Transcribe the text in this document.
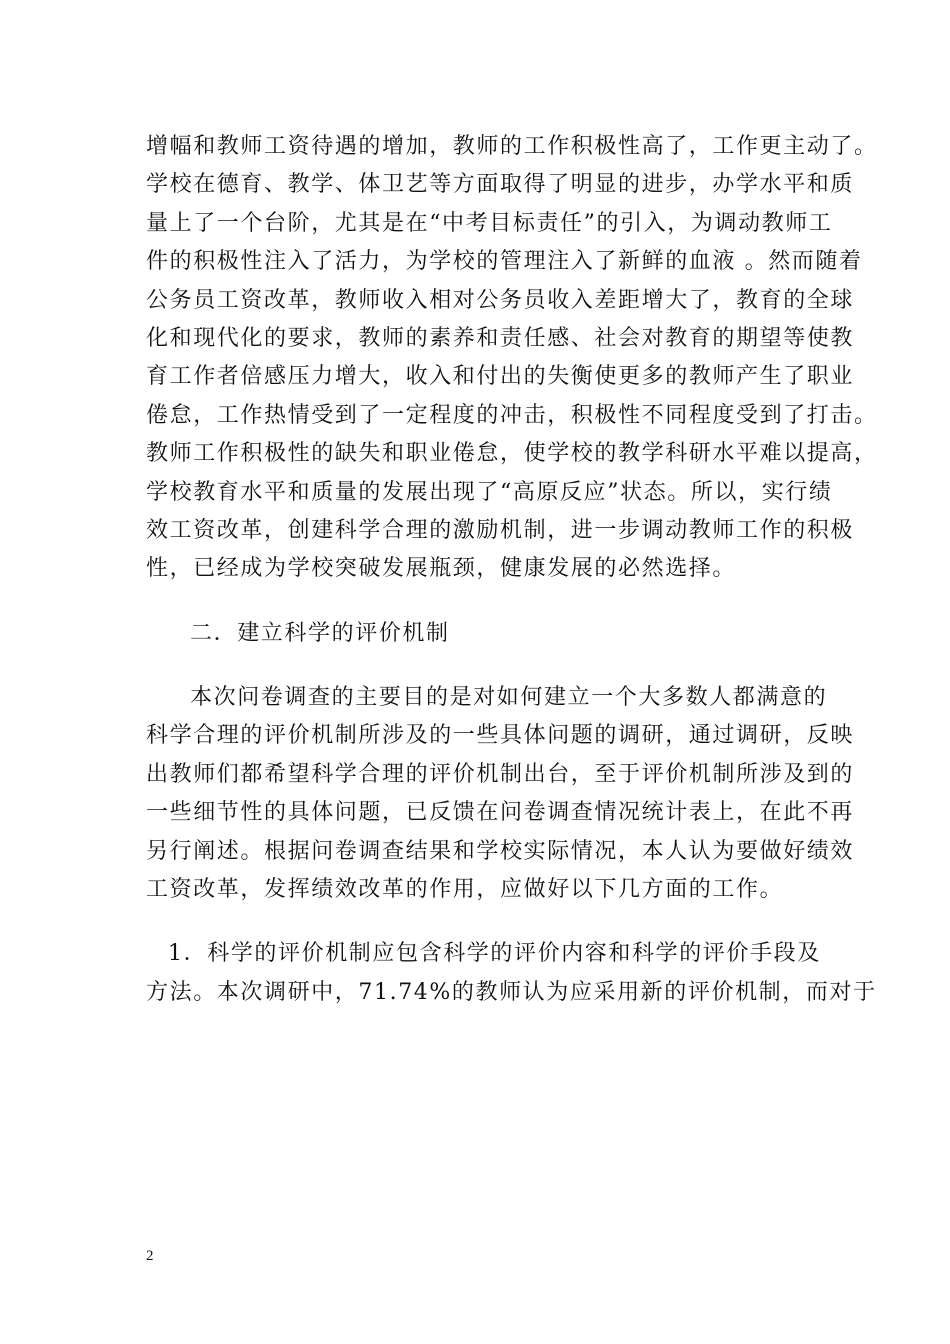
增幅和教师工资待遇的增加，教师的工作积极性高了，工作更主动了。
学校在德育、教学、体卫艺等方面取得了明显的进步，办学水平和质
量上了一个台阶，尤其是在“中考目标责任”的引入，为调动教师工
件的积极性注入了活力，为学校的管理注入了新鲜的血液 。然而随着
公务员工资改革，教师收入相对公务员收入差距增大了，教育的全球
化和现代化的要求，教师的素养和责任感、社会对教育的期望等使教
育工作者倍感压力增大，收入和付出的失衡使更多的教师产生了职业
倦怠，工作热情受到了一定程度的冲击，积极性不同程度受到了打击。
教师工作积极性的缺失和职业倦怠，使学校的教学科研水平难以提高，
学校教育水平和质量的发展出现了“高原反应”状态。所以，实行绩
效工资改革，创建科学合理的激励机制，进一步调动教师工作的积极
性，已经成为学校突破发展瓶颈，健康发展的必然选择。
二．建立科学的评价机制
本次问卷调查的主要目的是对如何建立一个大多数人都满意的
科学合理的评价机制所涉及的一些具体问题的调研，通过调研，反映
出教师们都希望科学合理的评价机制出台，至于评价机制所涉及到的
一些细节性的具体问题，已反馈在问卷调查情况统计表上，在此不再
另行阐述。根据问卷调查结果和学校实际情况，本人认为要做好绩效
工资改革，发挥绩效改革的作用，应做好以下几方面的工作。
1．科学的评价机制应包含科学的评价内容和科学的评价手段及
方法。本次调研中，71.74%的教师认为应采用新的评价机制，而对于
2
